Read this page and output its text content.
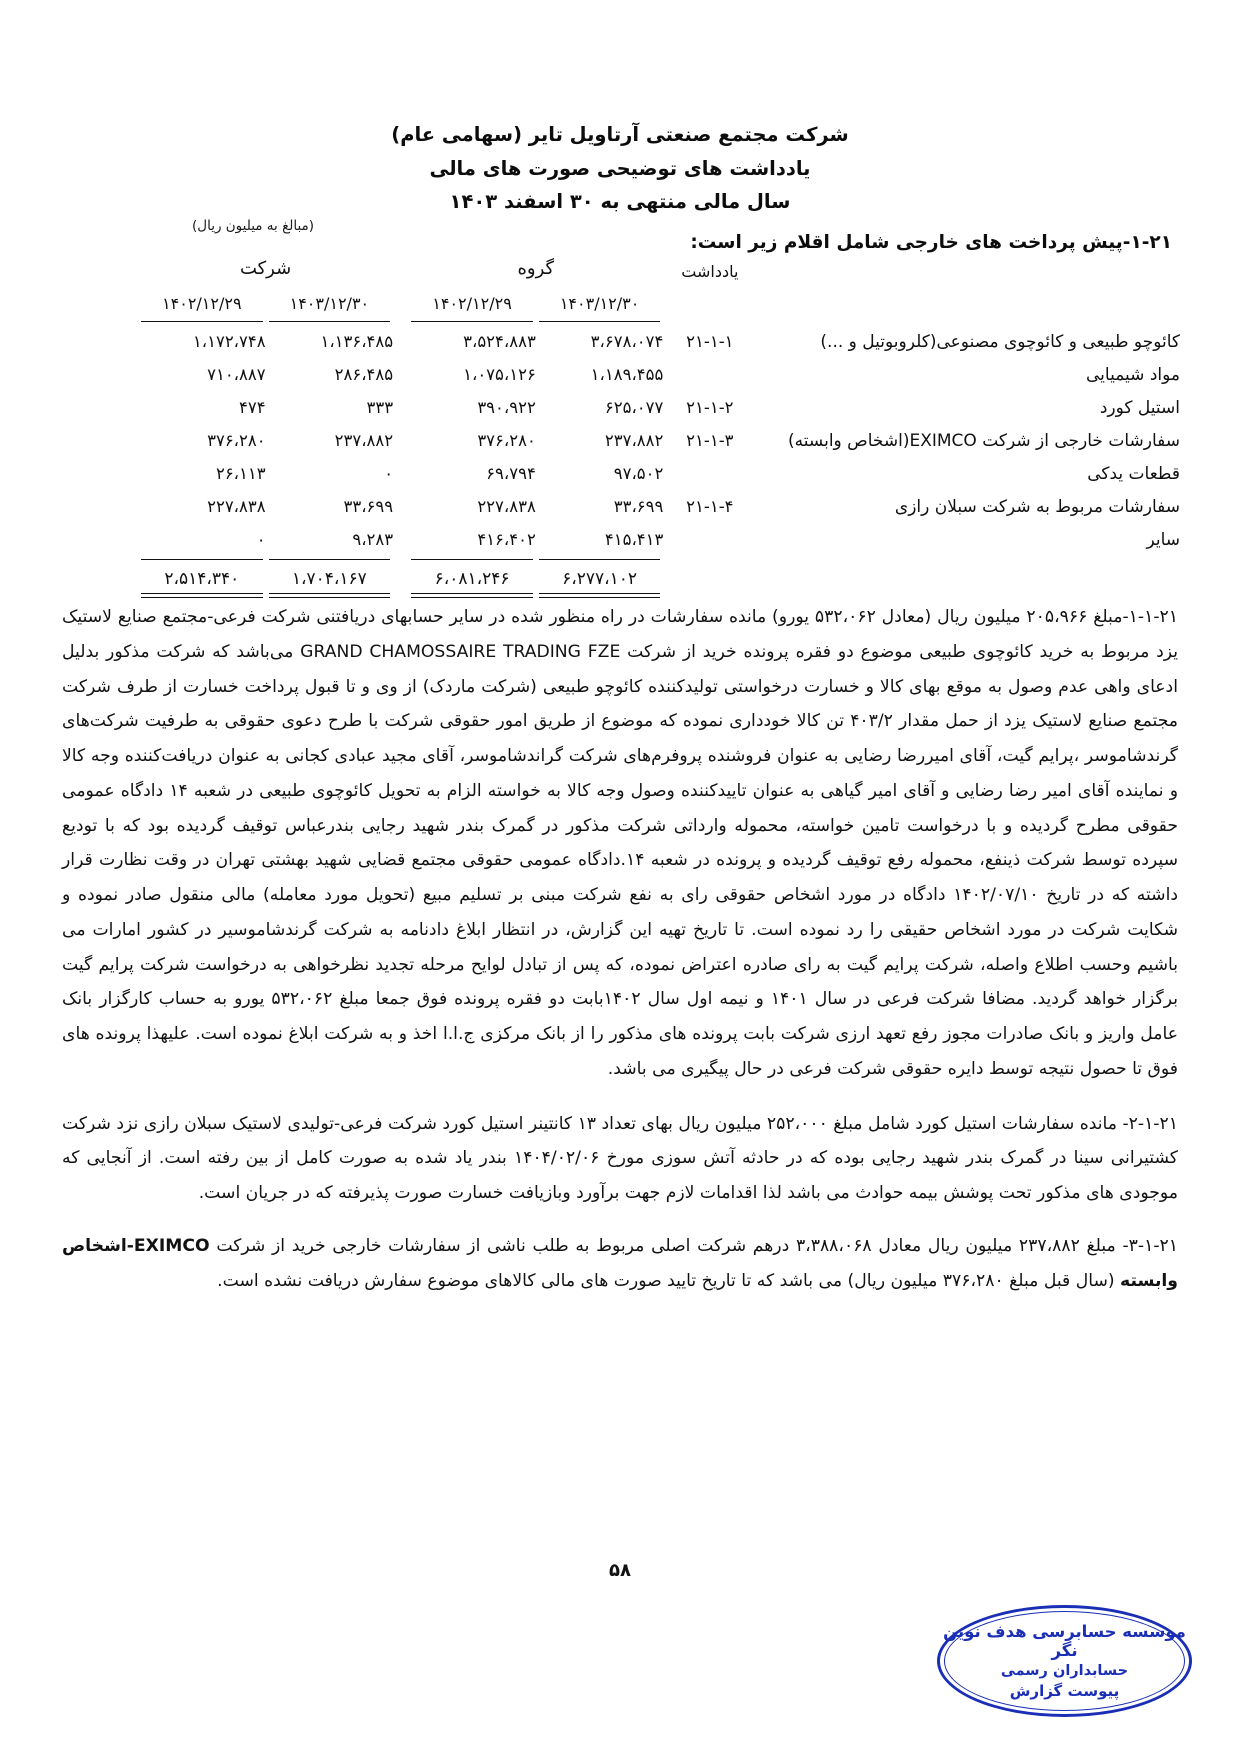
شرکت مجتمع صنعتی آرتاویل تایر (سهامی عام)
یادداشت های توضیحی صورت های مالی
سال مالی منتهی به ۳۰ اسفند ۱۴۰۳
۱-۲۱-پیش پرداخت های خارجی شامل اقلام زیر است:
(مبالغ به میلیون ریال)
	یادداشت	گروه			شرکت	

		۱۴۰۳/۱۲/۳۰	۱۴۰۲/۱۲/۲۹		۱۴۰۳/۱۲/۳۰	۱۴۰۲/۱۲/۲۹

کائوچو طبیعی و کائوچوی مصنوعی(کلروبوتیل و ...)	۲۱-۱-۱	۳،۶۷۸،۰۷۴	۳،۵۲۴،۸۸۳		۱،۱۳۶،۴۸۵	۱،۱۷۲،۷۴۸
مواد شیمیایی		۱،۱۸۹،۴۵۵	۱،۰۷۵،۱۲۶		۲۸۶،۴۸۵	۷۱۰،۸۸۷
استیل کورد	۲۱-۱-۲	۶۲۵،۰۷۷	۳۹۰،۹۲۲		۳۳۳	۴۷۴
سفارشات خارجی از شرکت EXIMCO(اشخاص وابسته)	۲۱-۱-۳	۲۳۷،۸۸۲	۳۷۶،۲۸۰		۲۳۷،۸۸۲	۳۷۶،۲۸۰
قطعات یدکی		۹۷،۵۰۲	۶۹،۷۹۴		۰	۲۶،۱۱۳
سفارشات مربوط به شرکت سبلان رازی	۲۱-۱-۴	۳۳،۶۹۹	۲۲۷،۸۳۸		۳۳،۶۹۹	۲۲۷،۸۳۸
سایر		۴۱۵،۴۱۳	۴۱۶،۴۰۲		۹،۲۸۳	۰

		۶،۲۷۷،۱۰۲	۶،۰۸۱،۲۴۶		۱،۷۰۴،۱۶۷	۲،۵۱۴،۳۴۰

۱-۱-۲۱-مبلغ ۲۰۵،۹۶۶ میلیون ریال (معادل ۵۳۲،۰۶۲ یورو) مانده سفارشات در راه منظور شده در سایر حسابهای دریافتنی شرکت فرعی-مجتمع صنایع لاستیک یزد مربوط به خرید کائوچوی طبیعی موضوع دو فقره پرونده خرید از شرکت GRAND CHAMOSSAIRE TRADING FZE می‌باشد که شرکت مذکور بدلیل ادعای واهی عدم وصول به موقع بهای کالا و خسارت درخواستی تولیدکننده کائوچو طبیعی (شرکت ماردک) از وی و تا قبول پرداخت خسارت از طرف شرکت مجتمع صنایع لاستیک یزد از حمل مقدار ۴۰۳/۲ تن کالا خودداری نموده که موضوع از طریق امور حقوقی شرکت با طرح دعوی حقوقی به طرفیت شرکت‌های گرندشاموسر ،پرایم گیت، آقای امیررضا رضایی به عنوان فروشنده پروفرم‌های شرکت گراندشاموسر، آقای مجید عبادی کجانی به عنوان دریافت‌کننده وجه کالا و نماینده آقای امیر رضا رضایی و آقای امیر گیاهی به عنوان تایید‌کننده وصول وجه کالا به خواسته الزام به تحویل کائوچوی طبیعی در شعبه ۱۴ دادگاه عمومی حقوقی مطرح گردیده و با درخواست تامین خواسته، محموله وارداتی شرکت مذکور در گمرک بندر شهید رجایی بندرعباس توقیف گردیده بود که با تودیع سپرده توسط شرکت ذینفع، محموله رفع توقیف گردیده و پرونده در شعبه ۱۴.دادگاه عمومی حقوقی مجتمع قضایی شهید بهشتی تهران در وقت نظارت قرار داشته که در تاریخ ۱۴۰۲/۰۷/۱۰ دادگاه در مورد اشخاص حقوقی رای به نفع شرکت مبنی بر تسلیم مبیع (تحویل مورد معامله) مالی منقول صادر نموده و شکایت شرکت در مورد اشخاص حقیقی را رد نموده است. تا تاریخ تهیه این گزارش، در انتظار ابلاغ دادنامه به شرکت گرندشاموسیر در کشور امارات می باشیم وحسب اطلاع واصله، شرکت پرایم گیت به رای صادره اعتراض نموده، که پس از تبادل لوایح مرحله تجدید نظرخواهی به درخواست شرکت پرایم گیت برگزار خواهد گردید. مضافا شرکت فرعی در سال ۱۴۰۱ و نیمه اول سال ۱۴۰۲بابت دو فقره پرونده فوق جمعا مبلغ ۵۳۲،۰۶۲ یورو به حساب کارگزار بانک عامل واریز و بانک صادرات مجوز رفع تعهد ارزی شرکت بابت پرونده های مذکور را از بانک مرکزی ج.ا.ا اخذ و به شرکت ابلاغ نموده است. علیهذا پرونده های فوق تا حصول نتیجه توسط دایره حقوقی شرکت فرعی در حال پیگیری می باشد.

۲-۱-۲۱- مانده سفارشات استیل کورد شامل مبلغ ۲۵۲،۰۰۰ میلیون ریال بهای تعداد ۱۳ کانتینر استیل کورد شرکت فرعی-تولیدی لاستیک سبلان رازی نزد شرکت کشتیرانی سینا در گمرک بندر شهید رجایی بوده که در حادثه آتش سوزی مورخ ۱۴۰۴/۰۲/۰۶ بندر یاد شده به صورت کامل از بین رفته است. از آنجایی که موجودی های مذکور تحت پوشش بیمه حوادث می باشد لذا اقدامات لازم جهت برآورد وبازیافت خسارت صورت پذیرفته که در جریان است.

۳-۱-۲۱- مبلغ ۲۳۷،۸۸۲ میلیون ریال معادل ۳،۳۸۸،۰۶۸ درهم شرکت اصلی مربوط به طلب ناشی از سفارشات خارجی خرید از شرکت EXIMCO-اشخاص وابسته (سال قبل مبلغ ۳۷۶،۲۸۰ میلیون ریال) می باشد که تا تاریخ تایید صورت های مالی کالاهای موضوع سفارش دریافت نشده است.

۵۸
موسسه حسابرسی هدف نوین نگر
حسابداران رسمی
پیوست گزارش
